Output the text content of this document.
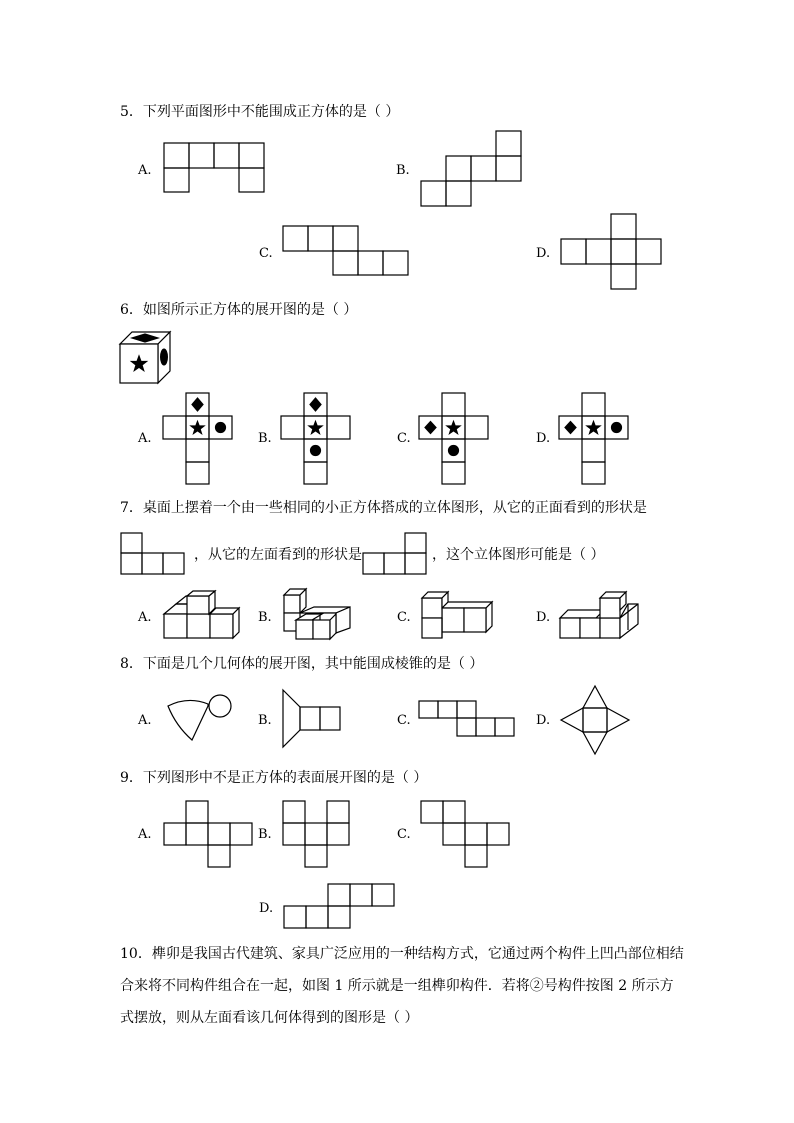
5．下列平面图形中不能围成正方体的是（ ）
A.	B.
C.	D.
6．如图所示正方体的展开图的是（ ）
A.	B.	C.	D.
7．桌面上摆着一个由一些相同的小正方体搭成的立体图形，从它的正面看到的形状是
，从它的左面看到的形状是	，这个立体图形可能是（ ）
A.	B.	C.	D.
8．下面是几个几何体的展开图，其中能围成棱锥的是（ ）
A.	B.	C.	D.
9．下列图形中不是正方体的表面展开图的是（ ）
A.	B.	C.
D.
10．榫卯是我国古代建筑、家具广泛应用的一种结构方式，它通过两个构件上凹凸部位相结
合来将不同构件组合在一起，如图 1 所示就是一组榫卯构件．若将②号构件按图 2 所示方
式摆放，则从左面看该几何体得到的图形是（ ）
